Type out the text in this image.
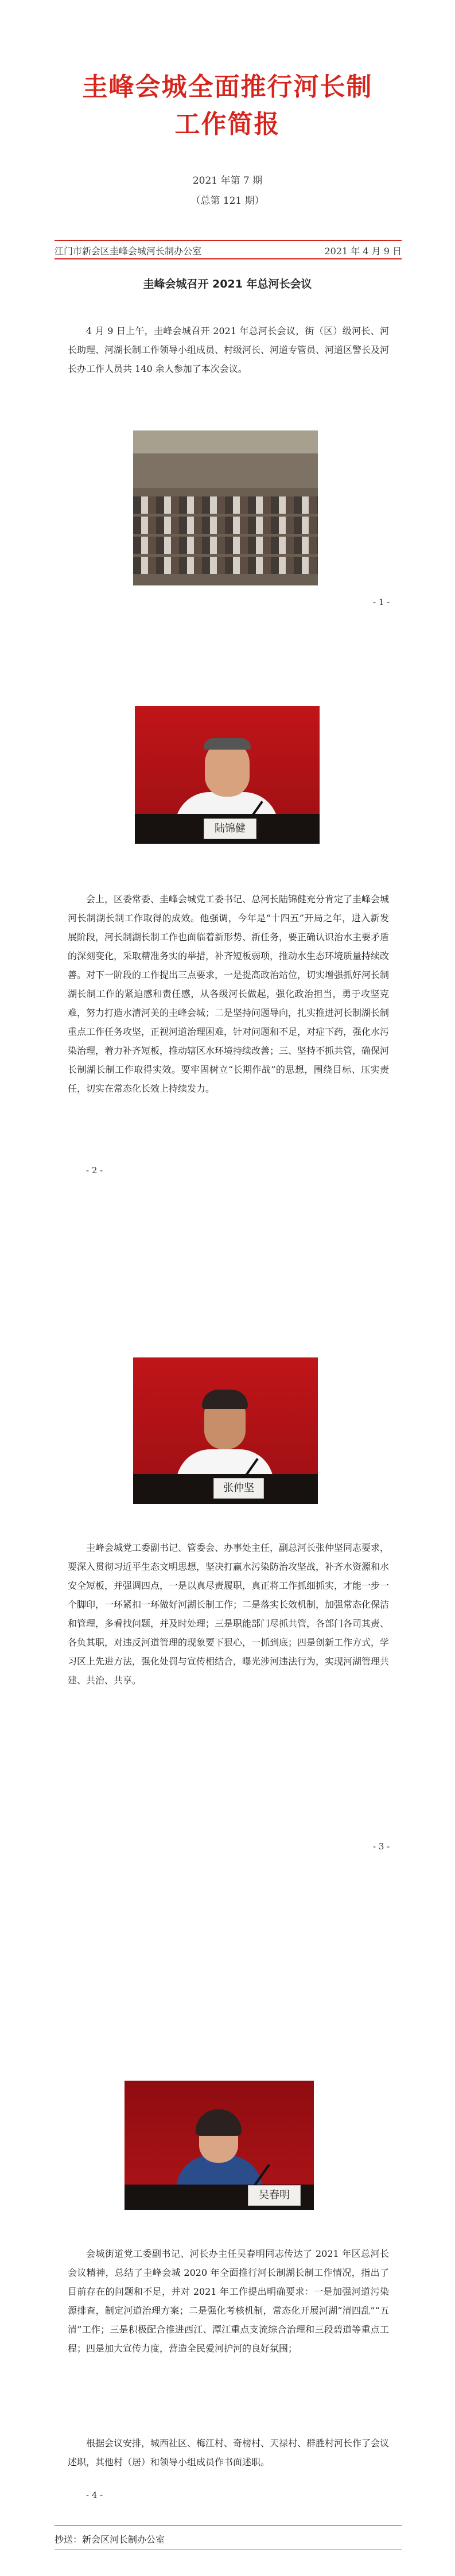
圭峰会城全面推行河长制
工作简报
2021 年第 7 期
（总第 121 期）
江门市新会区圭峰会城河长制办公室	2021 年 4 月 9 日
圭峰会城召开 2021 年总河长会议
4 月 9 日上午，圭峰会城召开 2021 年总河长会议，街（区）级河长、河长助理、河湖长制工作领导小组成员、村级河长、河道专管员、河道区警长及河长办工作人员共 140 余人参加了本次会议。
- 1 -
陆锦健
会上，区委常委、圭峰会城党工委书记、总河长陆锦健充分肯定了圭峰会城河长制湖长制工作取得的成效。他强调，今年是“十四五”开局之年，进入新发展阶段，河长制湖长制工作也面临着新形势、新任务，要正确认识治水主要矛盾的深刻变化，采取精准务实的举措，补齐短板弱项，推动水生态环境质量持续改善。对下一阶段的工作提出三点要求，一是提高政治站位，切实增强抓好河长制湖长制工作的紧迫感和责任感，从各级河长做起，强化政治担当，勇于攻坚克难，努力打造水清河美的圭峰会城；二是坚持问题导向，扎实推进河长制湖长制重点工作任务攻坚，正视河道治理困难，针对问题和不足，对症下药，强化水污染治理，着力补齐短板，推动辖区水环境持续改善；三、坚持不抓共管，确保河长制湖长制工作取得实效。要牢固树立“长期作战”的思想，围绕目标、压实责任，切实在常态化长效上持续发力。
- 2 -
张仲坚
圭峰会城党工委副书记、管委会、办事处主任，副总河长张仲坚同志要求，要深入贯彻习近平生态文明思想，坚决打赢水污染防治攻坚战，补齐水资源和水安全短板，并强调四点，一是以真尽责履职，真正将工作抓细抓实，才能一步一个脚印，一环紧扣一环做好河湖长制工作；二是落实长效机制，加强常态化保洁和管理，多看找问题，并及时处理；三是职能部门尽抓共管，各部门各司其责、各负其职，对违反河道管理的现象要下狠心，一抓到底；四是创新工作方式，学习区上先进方法，强化处罚与宣传相结合，曝光涉河违法行为，实现河湖管理共建、共治、共享。
- 3 -
吴春明
会城街道党工委副书记、河长办主任吴春明同志传达了 2021 年区总河长会议精神，总结了圭峰会城 2020 年全面推行河长制湖长制工作情况，指出了目前存在的问题和不足，并对 2021 年工作提出明确要求：一是加强河道污染源排查，制定河道治理方案；二是强化考核机制，常态化开展河湖“清四乱”“五清”工作；三是积极配合推进西江、潭江重点支流综合治理和三段碧道等重点工程；四是加大宣传力度，营造全民爱河护河的良好氛围；
根据会议安排，城西社区、梅江村、奇榜村、天禄村、群胜村河长作了会议述职，其他村（居）和领导小组成员作书面述职。
- 4 -
抄送：新会区河长制办公室
